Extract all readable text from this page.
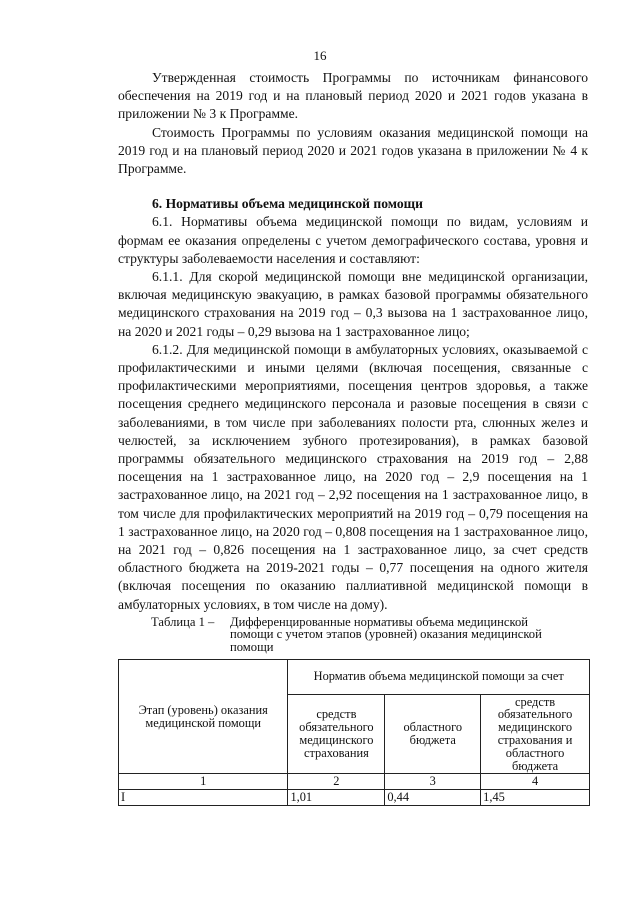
16

Утвержденная стоимость Программы по источникам финансового обеспечения на 2019 год и на плановый период 2020 и 2021 годов указана в приложении № 3 к Программе.

Стоимость Программы по условиям оказания медицинской помощи на 2019 год и на плановый период 2020 и 2021 годов указана в приложении № 4 к Программе.

6. Нормативы объема медицинской помощи

6.1. Нормативы объема медицинской помощи по видам, условиям и формам ее оказания определены с учетом демографического состава, уровня и структуры заболеваемости населения и составляют:

6.1.1. Для скорой медицинской помощи вне медицинской организации, включая медицинскую эвакуацию, в рамках базовой программы обязательного медицинского страхования на 2019 год – 0,3 вызова на 1 застрахованное лицо, на 2020 и 2021 годы – 0,29 вызова на 1 застрахованное лицо;

6.1.2. Для медицинской помощи в амбулаторных условиях, оказываемой с профилактическими и иными целями (включая посещения, связанные с профилактическими мероприятиями, посещения центров здоровья, а также посещения среднего медицинского персонала и разовые посещения в связи с заболеваниями, в том числе при заболеваниях полости рта, слюнных желез и челюстей, за исключением зубного протезирования), в рамках базовой программы обязательного медицинского страхования на 2019 год – 2,88 посещения на 1 застрахованное лицо, на 2020 год – 2,9 посещения на 1 застрахованное лицо, на 2021 год – 2,92 посещения на 1 застрахованное лицо, в том числе для профилактических мероприятий на 2019 год – 0,79 посещения на 1 застрахованное лицо, на 2020 год – 0,808 посещения на 1 застрахованное лицо, на 2021 год – 0,826 посещения на 1 застрахованное лицо, за счет средств областного бюджета на 2019-2021 годы – 0,77 посещения на одного жителя (включая посещения по оказанию паллиативной медицинской помощи в амбулаторных условиях, в том числе на дому).

Таблица 1 –	Дифференцированные нормативы объема медицинской помощи с учетом этапов (уровней) оказания медицинской помощи
Этап (уровень) оказания медицинской помощи	Норматив объема медицинской помощи за счет		
	средств обязательного медицинского страхования	областного бюджета	средств обязательного медицинского страхования и областного бюджета
1	2	3	4
I	1,01	0,44	1,45
